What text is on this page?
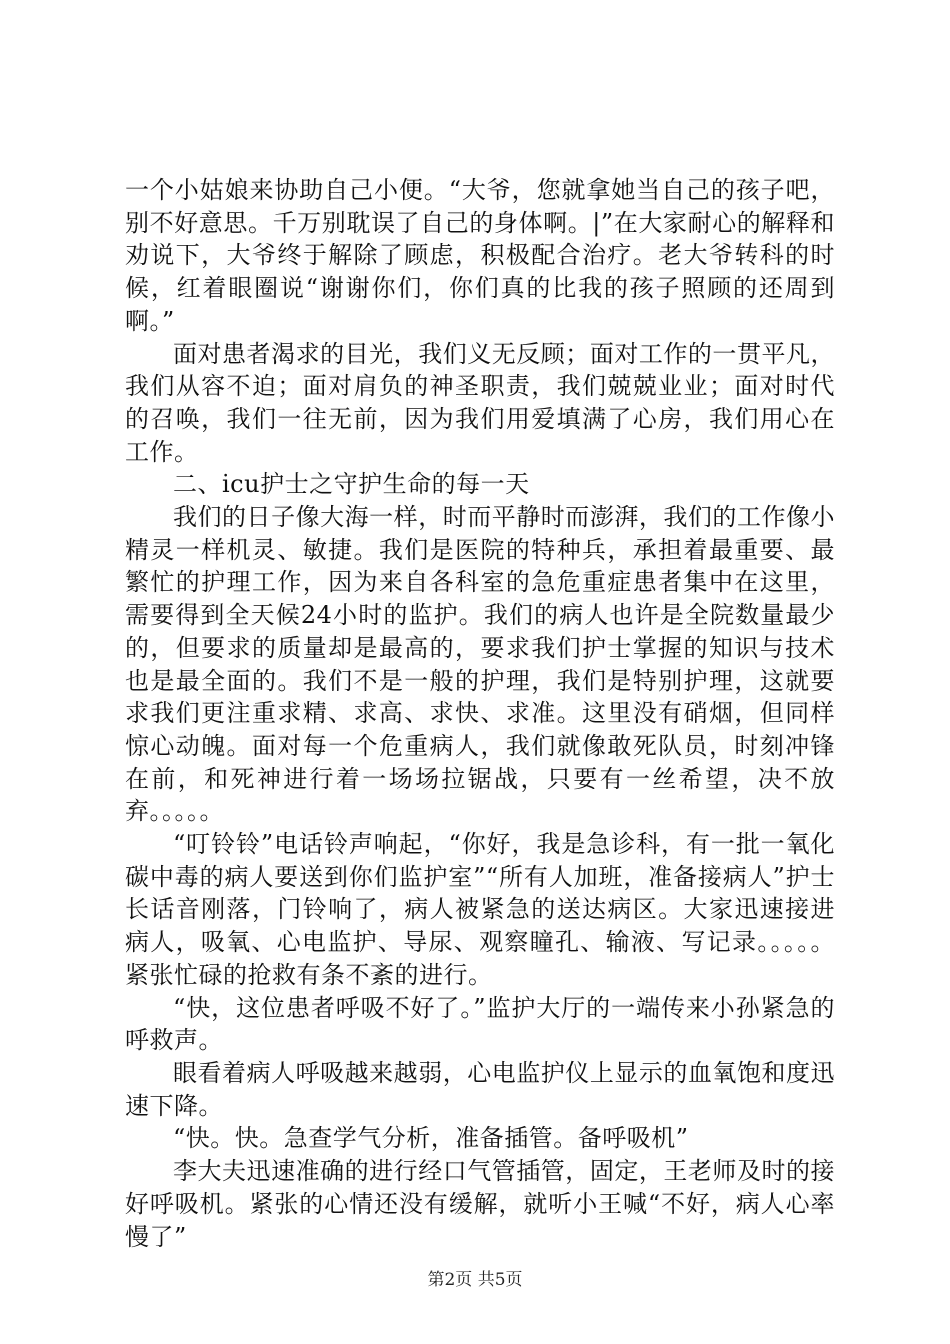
一个小姑娘来协助自己小便。“大爷，您就拿她当自己的孩子吧，别不好意思。千万别耽误了自己的身体啊。|”在大家耐心的解释和劝说下，大爷终于解除了顾虑，积极配合治疗。老大爷转科的时候，红着眼圈说“谢谢你们，你们真的比我的孩子照顾的还周到啊。”

面对患者渴求的目光，我们义无反顾；面对工作的一贯平凡，我们从容不迫；面对肩负的神圣职责，我们兢兢业业；面对时代的召唤，我们一往无前，因为我们用爱填满了心房，我们用心在工作。

二、icu护士之守护生命的每一天

我们的日子像大海一样，时而平静时而澎湃，我们的工作像小精灵一样机灵、敏捷。我们是医院的特种兵，承担着最重要、最繁忙的护理工作，因为来自各科室的急危重症患者集中在这里，需要得到全天候24小时的监护。我们的病人也许是全院数量最少的，但要求的质量却是最高的，要求我们护士掌握的知识与技术也是最全面的。我们不是一般的护理，我们是特别护理，这就要求我们更注重求精、求高、求快、求准。这里没有硝烟，但同样惊心动魄。面对每一个危重病人，我们就像敢死队员，时刻冲锋在前，和死神进行着一场场拉锯战，只要有一丝希望，决不放弃。。。。。

“叮铃铃”电话铃声响起，“你好，我是急诊科，有一批一氧化碳中毒的病人要送到你们监护室”“所有人加班，准备接病人”护士长话音刚落，门铃响了，病人被紧急的送达病区。大家迅速接进病人，吸氧、心电监护、导尿、观察瞳孔、输液、写记录。。。。。紧张忙碌的抢救有条不紊的进行。

“快，这位患者呼吸不好了。”监护大厅的一端传来小孙紧急的呼救声。

眼看着病人呼吸越来越弱，心电监护仪上显示的血氧饱和度迅速下降。

“快。快。急查学气分析，准备插管。备呼吸机”

李大夫迅速准确的进行经口气管插管，固定，王老师及时的接好呼吸机。紧张的心情还没有缓解，就听小王喊“不好，病人心率慢了”

第2页 共5页
